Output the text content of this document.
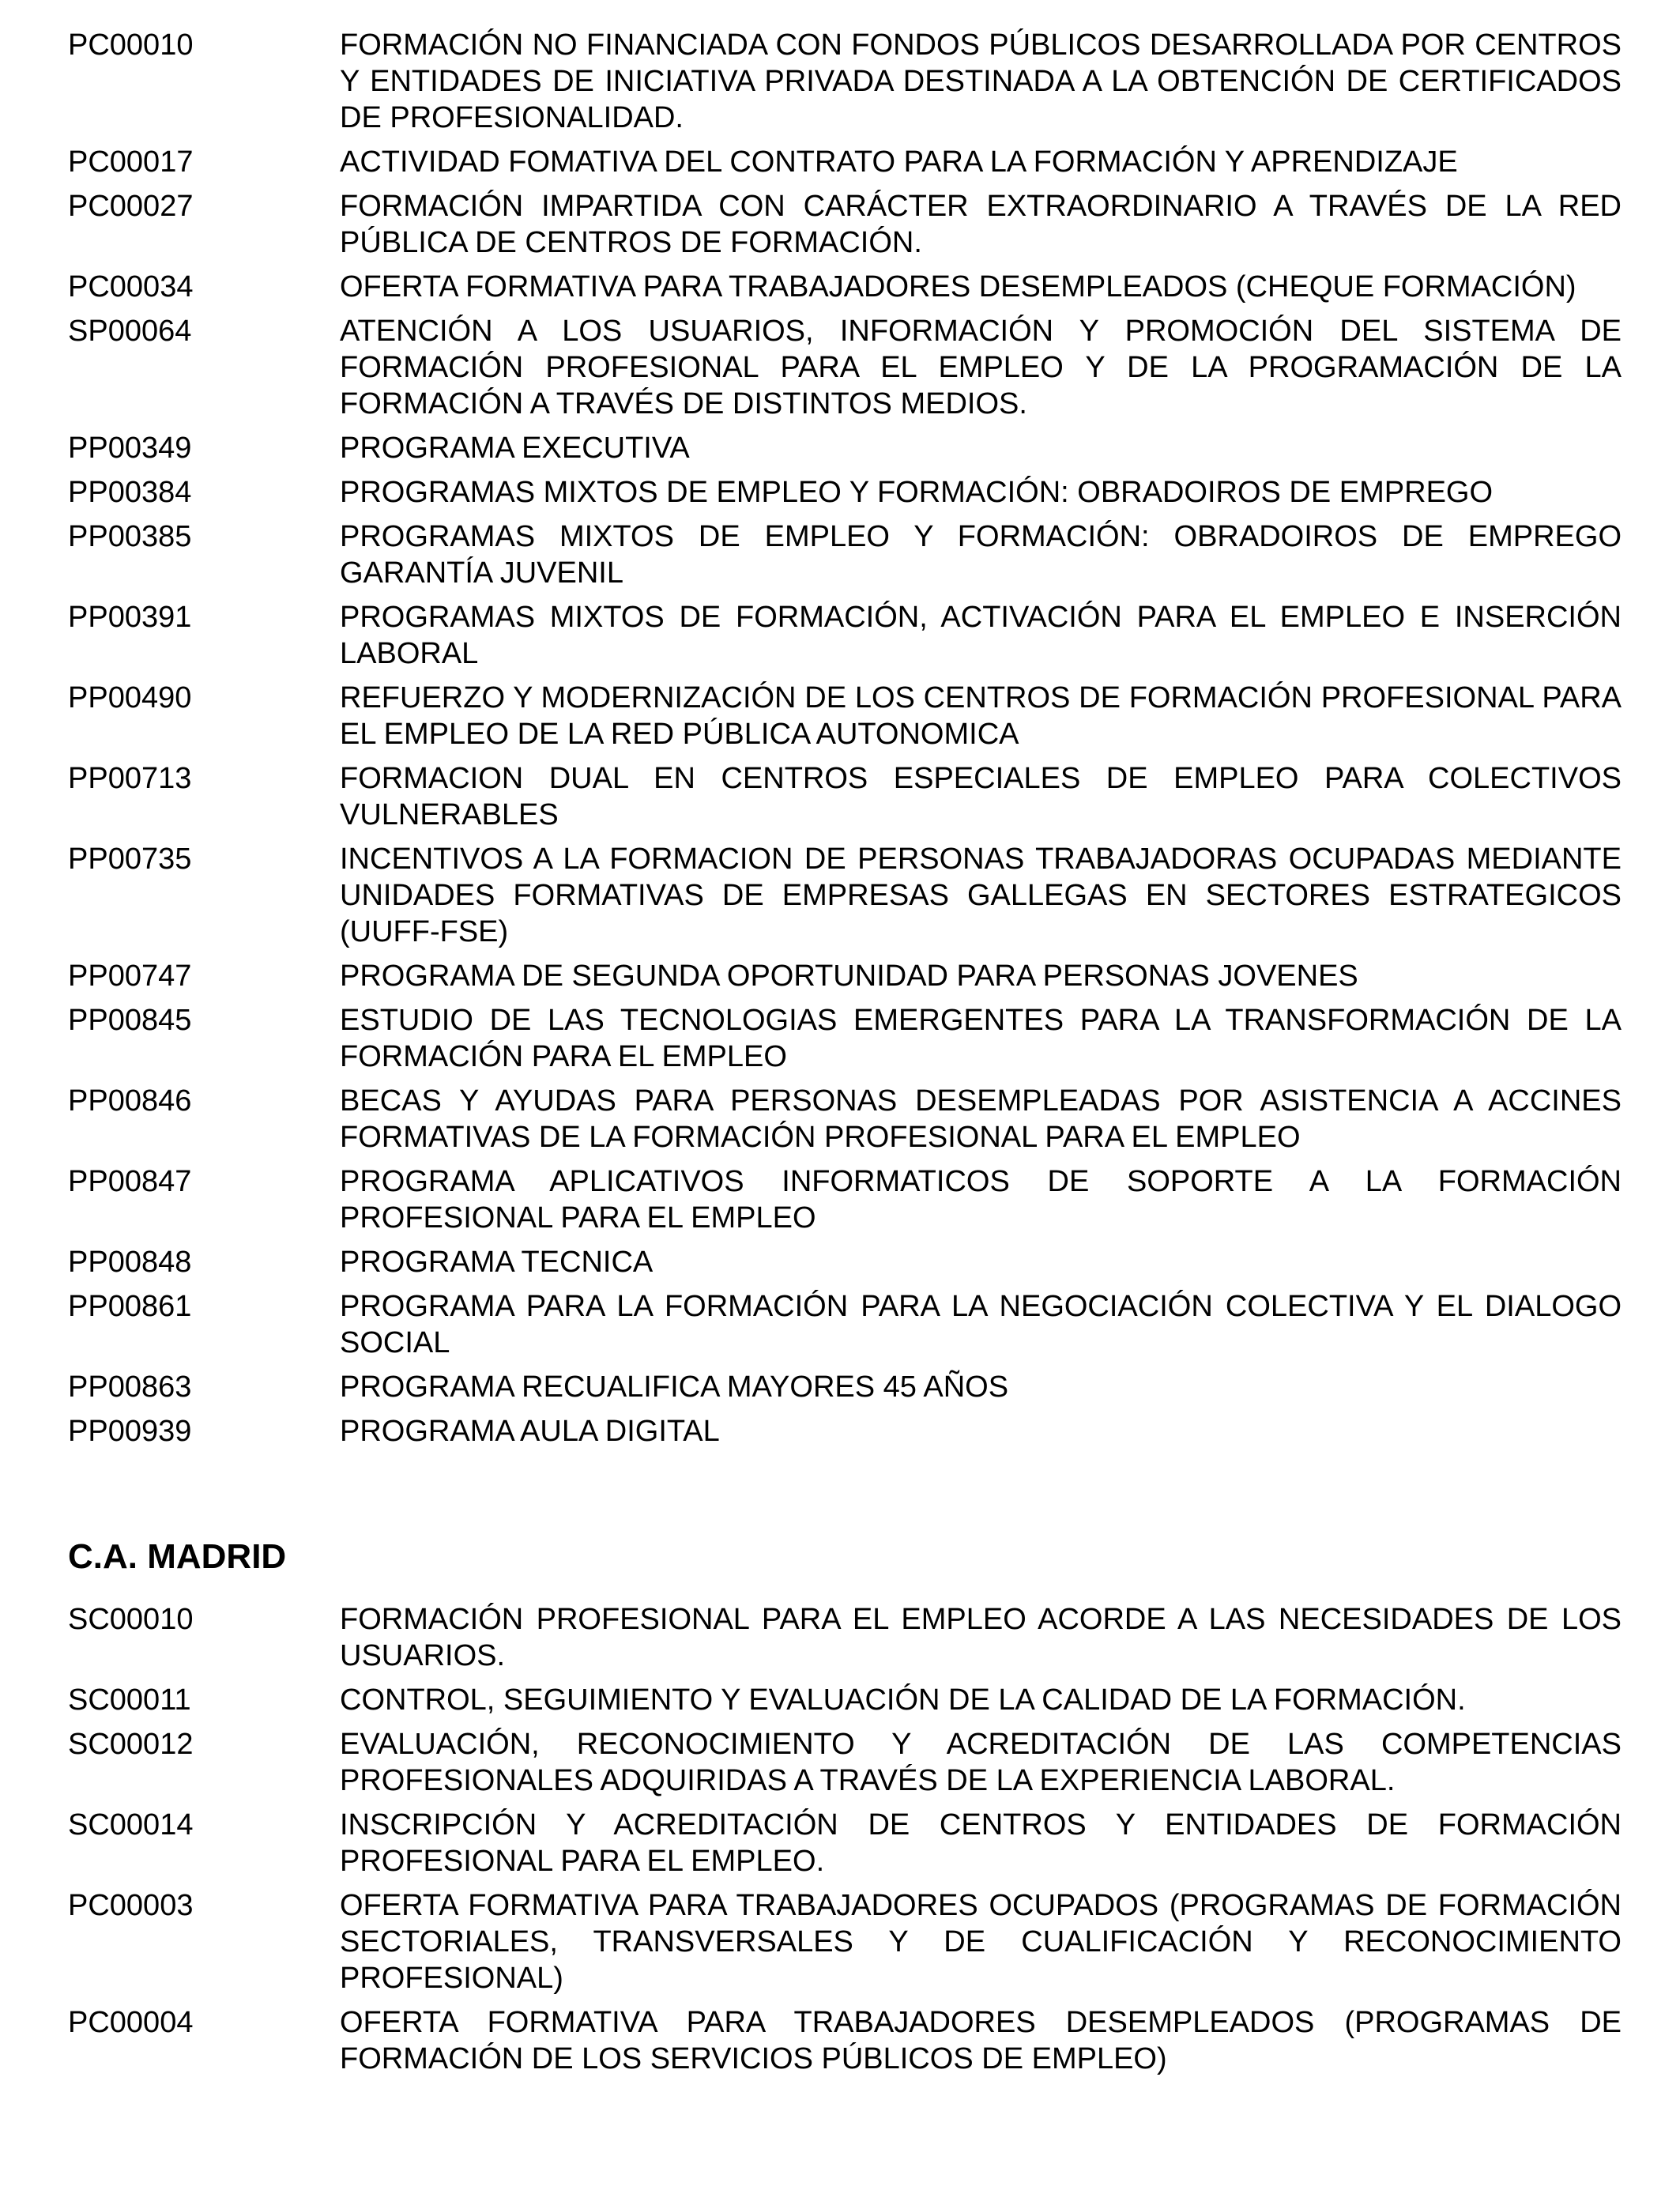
PC00010	FORMACIÓN NO FINANCIADA CON FONDOS PÚBLICOS DESARROLLADA POR CENTROS Y ENTIDADES DE INICIATIVA PRIVADA DESTINADA A LA OBTENCIÓN DE CERTIFICADOS DE PROFESIONALIDAD.
PC00017	ACTIVIDAD FOMATIVA DEL CONTRATO PARA LA FORMACIÓN Y APRENDIZAJE
PC00027	FORMACIÓN IMPARTIDA CON CARÁCTER EXTRAORDINARIO A TRAVÉS DE LA RED PÚBLICA DE CENTROS DE FORMACIÓN.
PC00034	OFERTA FORMATIVA PARA TRABAJADORES DESEMPLEADOS (CHEQUE FORMACIÓN)
SP00064	ATENCIÓN A LOS USUARIOS, INFORMACIÓN Y PROMOCIÓN DEL SISTEMA DE FORMACIÓN PROFESIONAL PARA EL EMPLEO Y DE LA PROGRAMACIÓN DE LA FORMACIÓN A TRAVÉS DE DISTINTOS MEDIOS.
PP00349	PROGRAMA EXECUTIVA
PP00384	PROGRAMAS MIXTOS DE EMPLEO Y FORMACIÓN: OBRADOIROS DE EMPREGO
PP00385	PROGRAMAS MIXTOS DE EMPLEO Y FORMACIÓN: OBRADOIROS DE EMPREGO GARANTÍA JUVENIL
PP00391	PROGRAMAS MIXTOS DE FORMACIÓN, ACTIVACIÓN PARA EL EMPLEO E INSERCIÓN LABORAL
PP00490	REFUERZO Y MODERNIZACIÓN DE LOS CENTROS DE FORMACIÓN PROFESIONAL PARA EL EMPLEO DE LA RED PÚBLICA AUTONOMICA
PP00713	FORMACION DUAL EN CENTROS ESPECIALES DE EMPLEO PARA COLECTIVOS VULNERABLES
PP00735	INCENTIVOS A LA FORMACION DE PERSONAS TRABAJADORAS OCUPADAS MEDIANTE UNIDADES FORMATIVAS DE EMPRESAS GALLEGAS EN SECTORES ESTRATEGICOS (UUFF-FSE)
PP00747	PROGRAMA DE SEGUNDA OPORTUNIDAD PARA PERSONAS JOVENES
PP00845	ESTUDIO DE LAS TECNOLOGIAS EMERGENTES PARA LA TRANSFORMACIÓN DE LA FORMACIÓN PARA EL EMPLEO
PP00846	BECAS Y AYUDAS PARA PERSONAS DESEMPLEADAS POR ASISTENCIA A ACCINES FORMATIVAS DE LA FORMACIÓN PROFESIONAL PARA EL EMPLEO
PP00847	PROGRAMA APLICATIVOS INFORMATICOS DE SOPORTE A LA FORMACIÓN PROFESIONAL PARA EL EMPLEO
PP00848	PROGRAMA TECNICA
PP00861	PROGRAMA PARA LA FORMACIÓN PARA LA NEGOCIACIÓN COLECTIVA Y EL DIALOGO SOCIAL
PP00863	PROGRAMA RECUALIFICA MAYORES 45 AÑOS
PP00939	PROGRAMA AULA DIGITAL
C.A. MADRID
SC00010	FORMACIÓN PROFESIONAL PARA EL EMPLEO ACORDE A LAS NECESIDADES DE LOS USUARIOS.
SC00011	CONTROL, SEGUIMIENTO Y EVALUACIÓN DE LA CALIDAD DE LA FORMACIÓN.
SC00012	EVALUACIÓN, RECONOCIMIENTO Y ACREDITACIÓN DE LAS COMPETENCIAS PROFESIONALES ADQUIRIDAS A TRAVÉS DE LA EXPERIENCIA LABORAL.
SC00014	INSCRIPCIÓN Y ACREDITACIÓN DE CENTROS Y ENTIDADES DE FORMACIÓN PROFESIONAL PARA EL EMPLEO.
PC00003	OFERTA FORMATIVA PARA TRABAJADORES OCUPADOS (PROGRAMAS DE FORMACIÓN SECTORIALES, TRANSVERSALES Y DE CUALIFICACIÓN Y RECONOCIMIENTO PROFESIONAL)
PC00004	OFERTA FORMATIVA PARA TRABAJADORES DESEMPLEADOS (PROGRAMAS DE FORMACIÓN DE LOS SERVICIOS PÚBLICOS DE EMPLEO)
